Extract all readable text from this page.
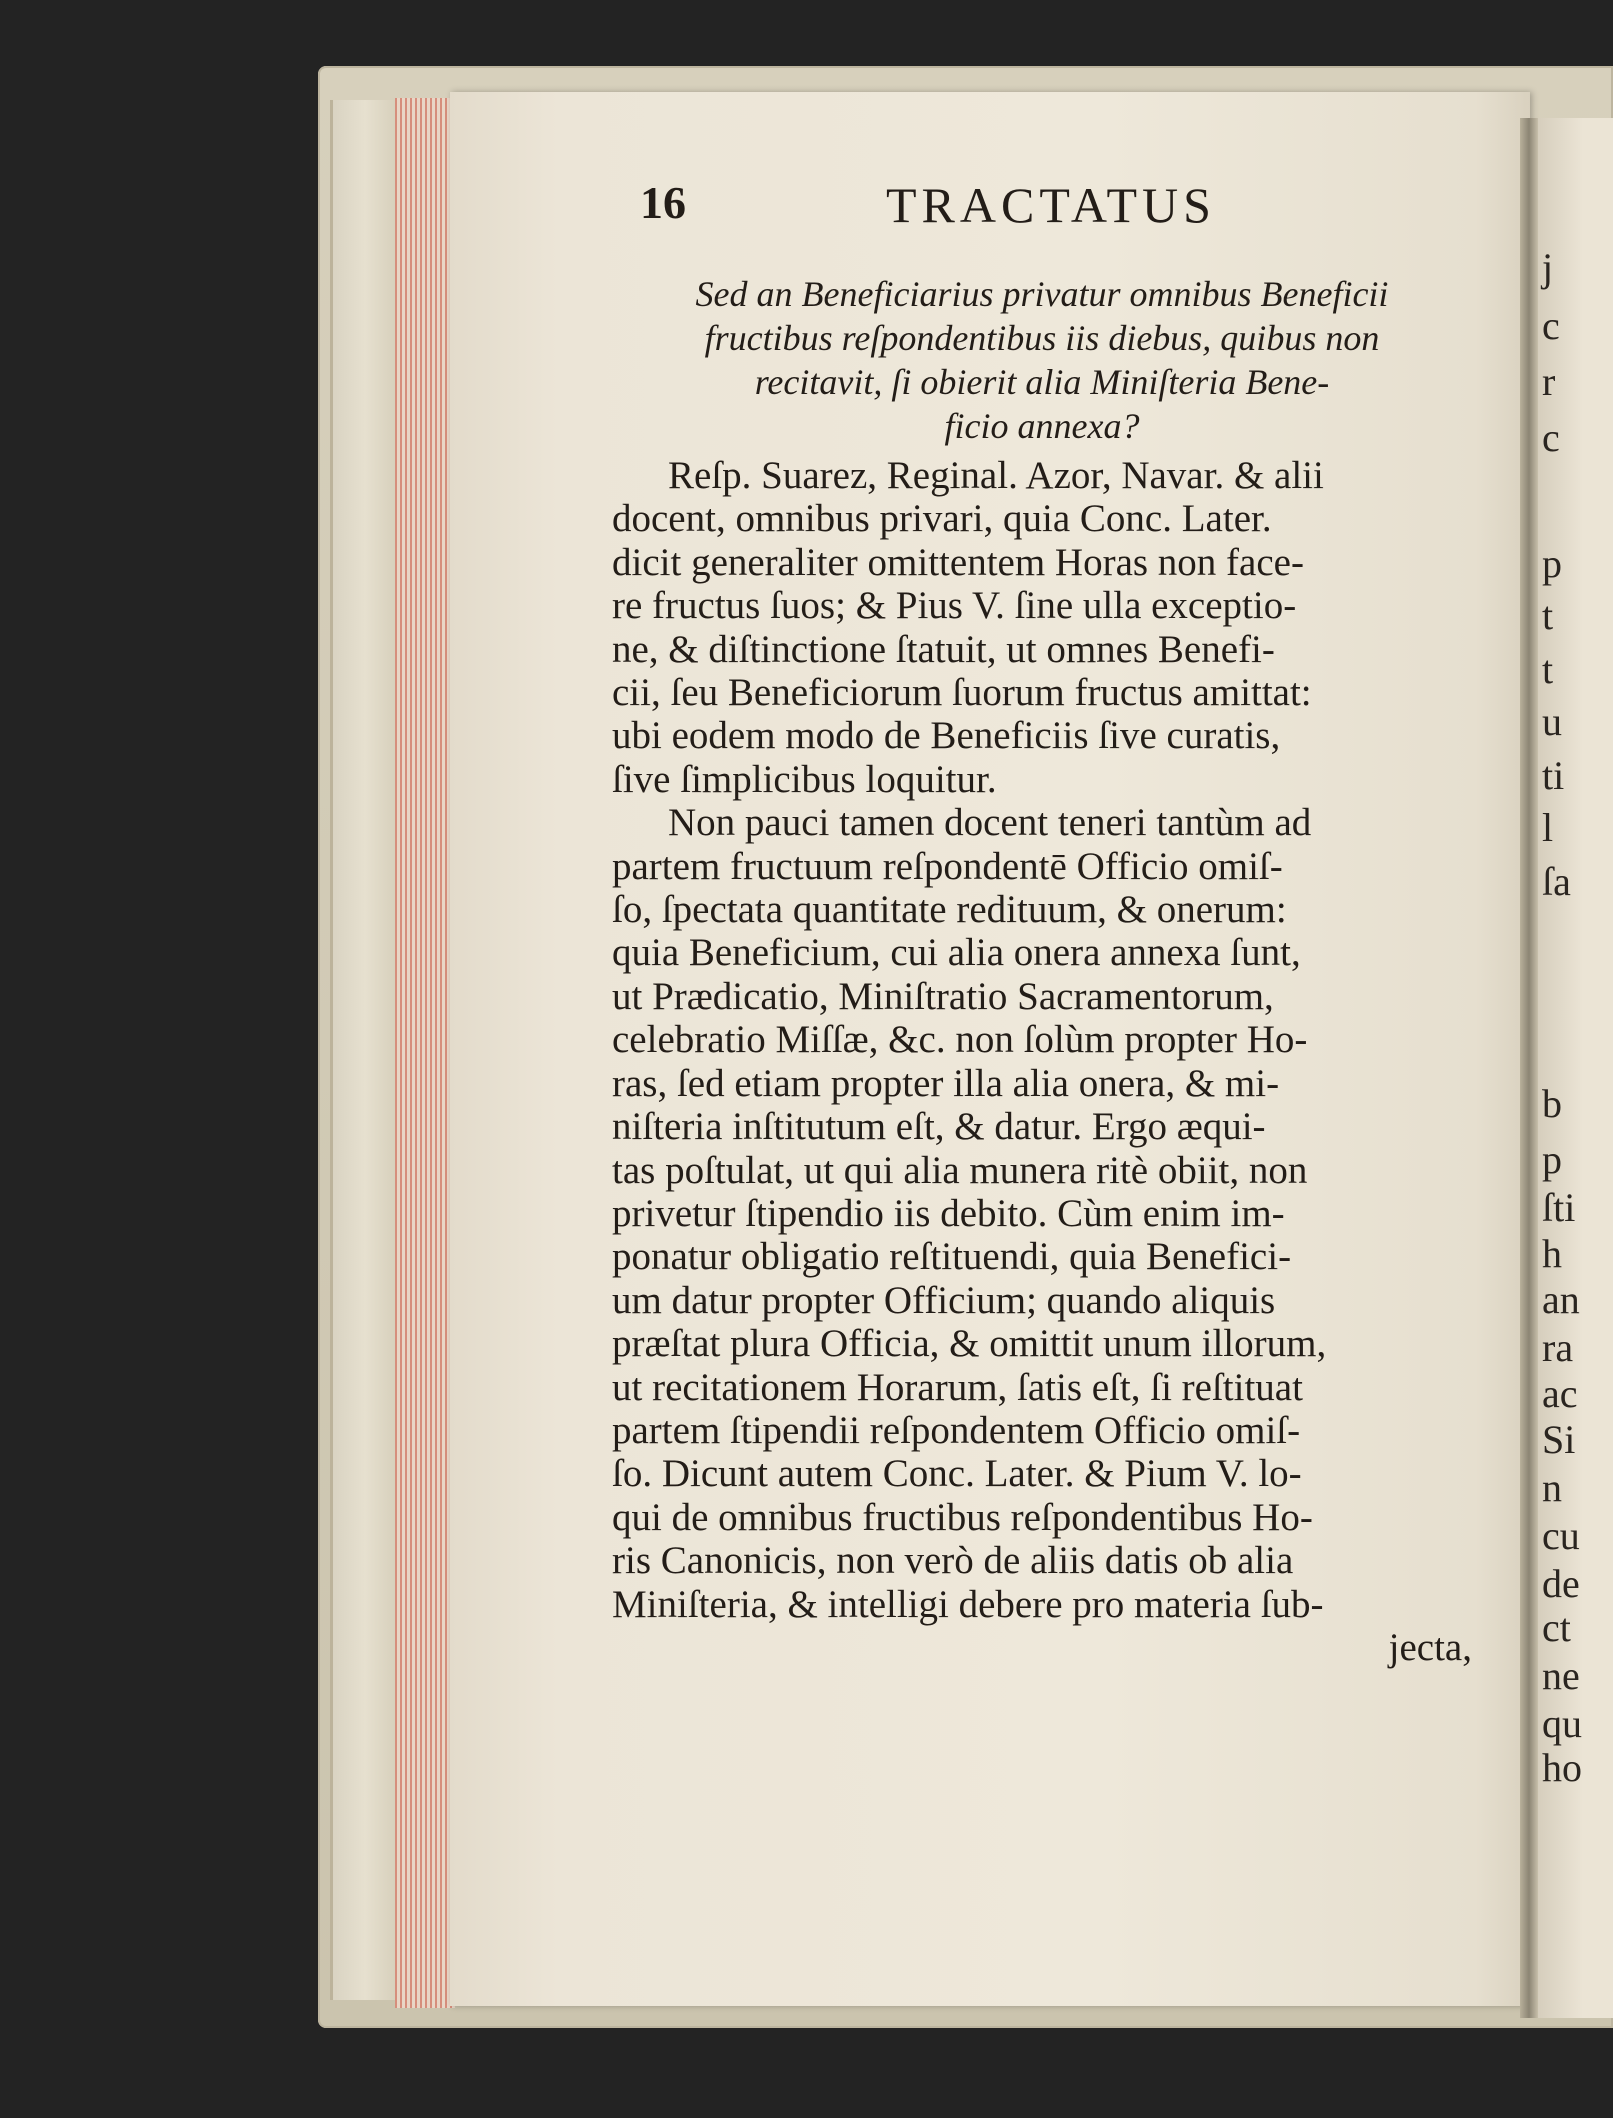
j
c
r
c
p
t
t
u
ti
l
ſa
b
p
ſti
h
an
ra
ac
Si
n
cu
de
ct
ne
qu
ho
16	TRACTATUS
Sed an Beneficiarius privatur omnibus Beneficii
fructibus reſpondentibus iis diebus, quibus non
recitavit, ſi obierit alia Miniſteria Bene-
ficio annexa?
Reſp. Suarez, Reginal. Azor, Navar. & alii
docent, omnibus privari, quia Conc. Later.
dicit generaliter omittentem Horas non face-
re fructus ſuos; & Pius V. ſine ulla exceptio-
ne, & diſtinctione ſtatuit, ut omnes Benefi-
cii, ſeu Beneficiorum ſuorum fructus amittat:
ubi eodem modo de Beneficiis ſive curatis,
ſive ſimplicibus loquitur.
Non pauci tamen docent teneri tantùm ad
partem fructuum reſpondentē Officio omiſ-
ſo, ſpectata quantitate redituum, & onerum:
quia Beneficium, cui alia onera annexa ſunt,
ut Prædicatio, Miniſtratio Sacramentorum,
celebratio Miſſæ, &c. non ſolùm propter Ho-
ras, ſed etiam propter illa alia onera, & mi-
niſteria inſtitutum eſt, & datur. Ergo æqui-
tas poſtulat, ut qui alia munera ritè obiit, non
privetur ſtipendio iis debito. Cùm enim im-
ponatur obligatio reſtituendi, quia Benefici-
um datur propter Officium; quando aliquis
præſtat plura Officia, & omittit unum illorum,
ut recitationem Horarum, ſatis eſt, ſi reſtituat
partem ſtipendii reſpondentem Officio omiſ-
ſo. Dicunt autem Conc. Later. & Pium V. lo-
qui de omnibus fructibus reſpondentibus Ho-
ris Canonicis, non verò de aliis datis ob alia
Miniſteria, & intelligi debere pro materia ſub-
jecta,
